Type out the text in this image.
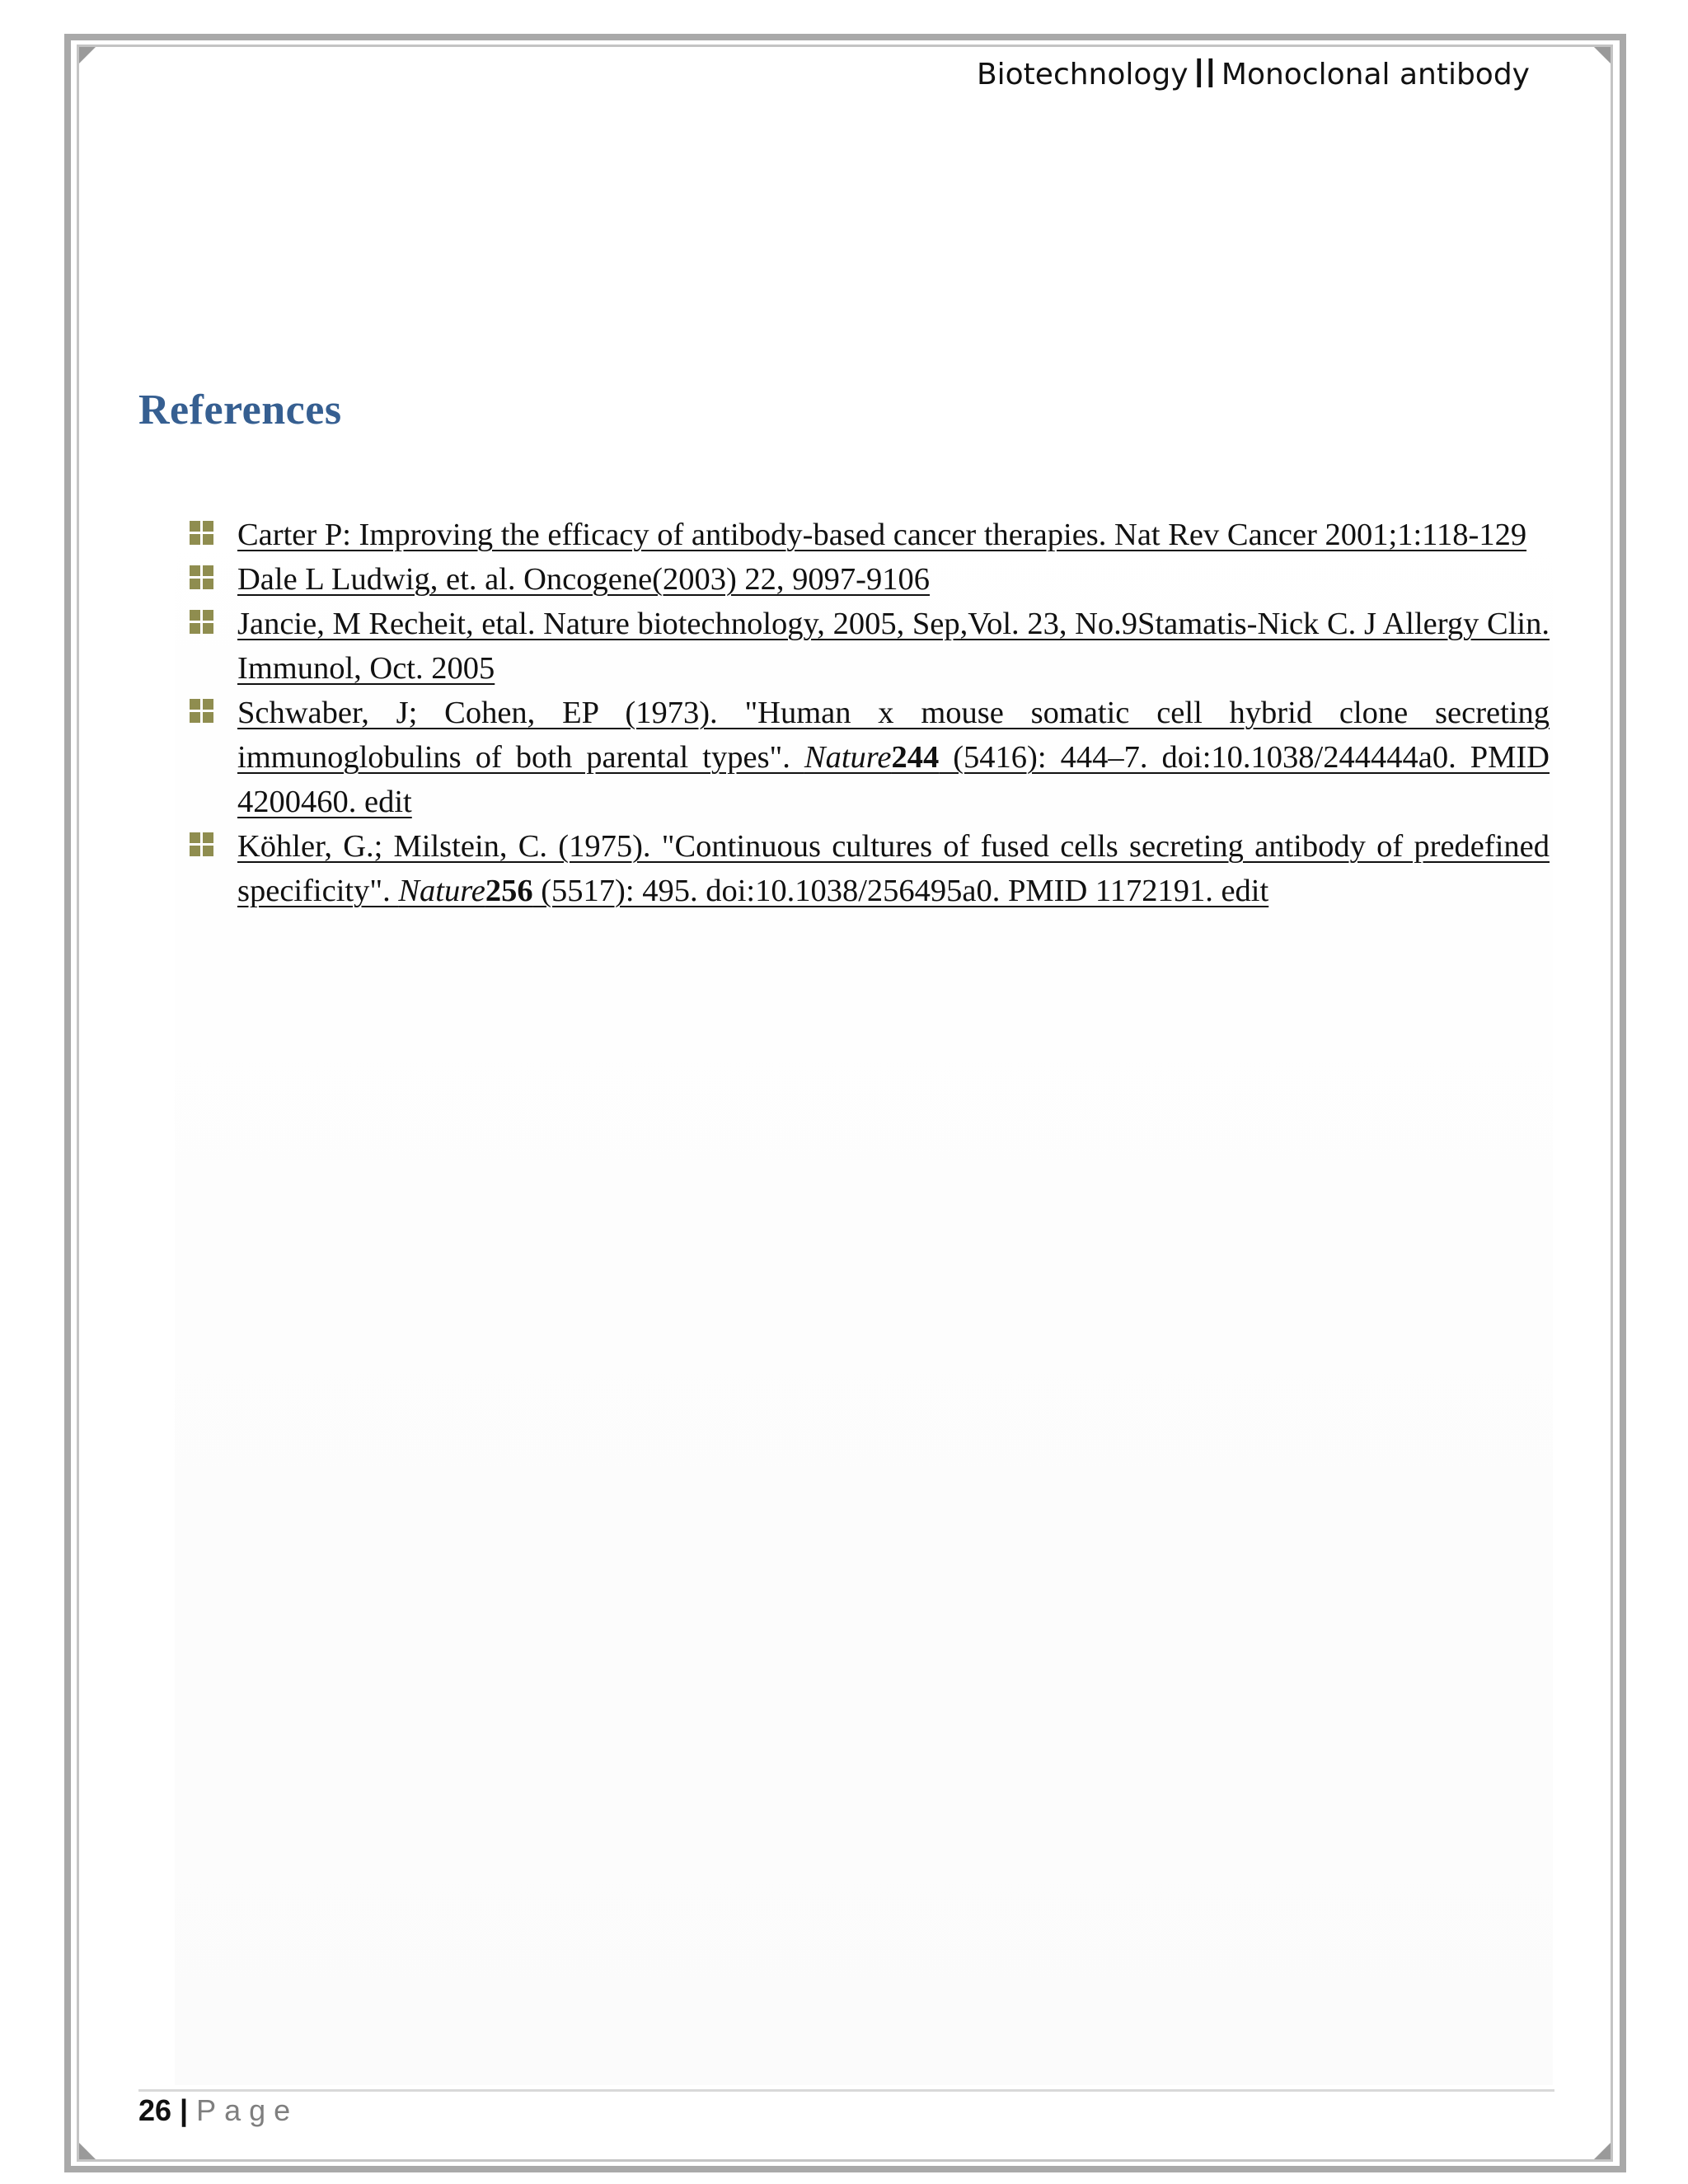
Biotechnology II Monoclonal antibody
References
Carter P: Improving the efficacy of antibody-based cancer therapies. Nat Rev Cancer 2001;1:118-129
Dale L Ludwig, et. al. Oncogene(2003) 22, 9097-9106
Jancie, M Recheit, etal. Nature biotechnology, 2005, Sep,Vol. 23, No.9Stamatis-Nick C. J Allergy Clin. Immunol, Oct. 2005
Schwaber, J; Cohen, EP (1973). "Human x mouse somatic cell hybrid clone secreting immunoglobulins of both parental types". Nature244 (5416): 444–7. doi:10.1038/244444a0. PMID 4200460. edit
Köhler, G.; Milstein, C. (1975). "Continuous cultures of fused cells secreting antibody of predefined specificity". Nature256 (5517): 495. doi:10.1038/256495a0. PMID 1172191. edit
26 | Page
